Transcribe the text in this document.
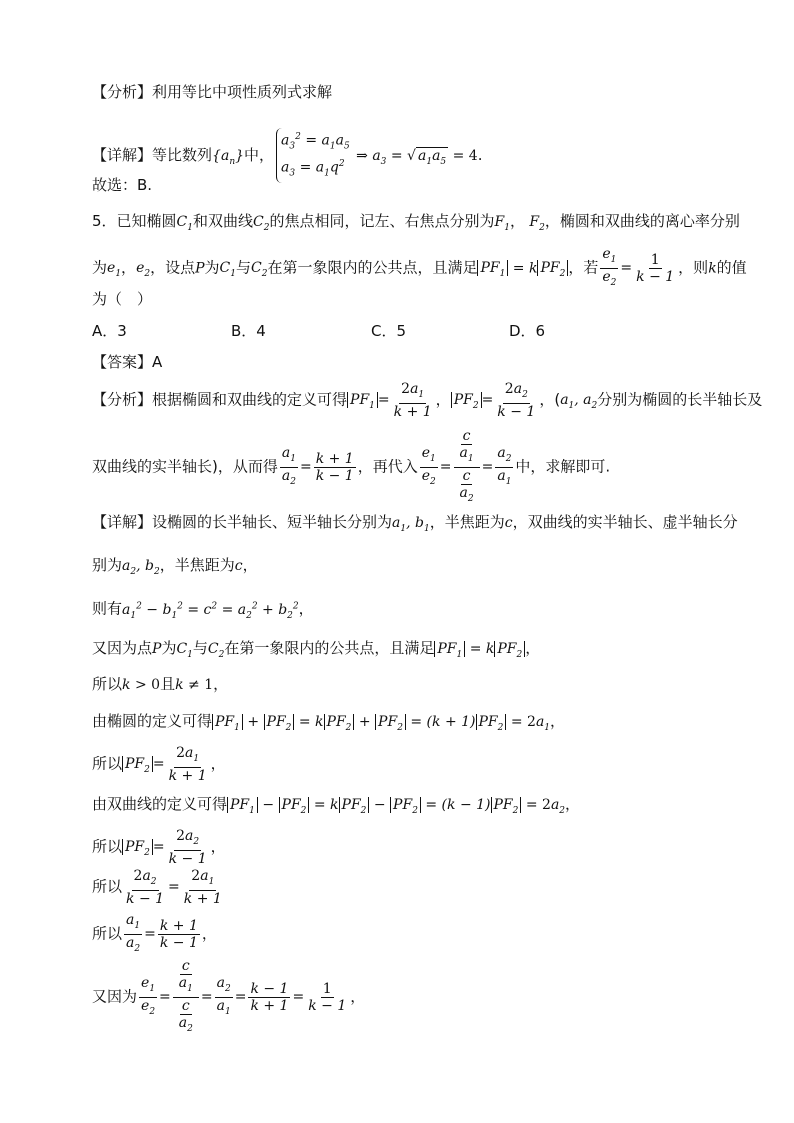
【分析】利用等比中项性质列式求解
【详解】等比数列$\{a_n\}$中，
$a_3^2 = a_1a_5$
$a_3 = a_1q^2$
⇒ $a_3$ = √ $a_1a_5 = 4$.
故选：B.
5．已知椭圆$C_1$和双曲线$C_2$的焦点相同，记左、右焦点分别为$F_1$， $F_2$，椭圆和双曲线的离心率分别
为$e_1$，$e_2$，设点P为$C_1$与$C_2$在第一象限内的公共点，且满足 $PF_1 = k$ $PF_2$ ，若 $\frac{e_1}{e_2} = \frac{1}{k - 1}$ ，则k的值
为（　）
A．3	B．4	C．5	D．6
【答案】A
【分析】根据椭圆和双曲线的定义可得 $PF_1 = \frac{2a_1}{k + 1}$ ， $PF_2 = \frac{2a_2}{k - 1}$ ，($a_1$, $a_2$分别为椭圆的长半轴长及
双曲线的实半轴长)，从而得 $\frac{a_1}{a_2} = \frac{k + 1}{k - 1}$ ，再代入 $\frac{e_1}{e_2} = \frac{\frac{c}{a_1}}{\frac{c}{a_2}} = \frac{a_2}{a_1}$ 中，求解即可.
【详解】设椭圆的长半轴长、短半轴长分别为$a_1$, $b_1$，半焦距为c，双曲线的实半轴长、虚半轴长分
别为$a_2$, $b_2$，半焦距为c，
则有$a_1^2 - b_1^2 = c^2 = a_2^2 + b_2^2$，
又因为点P为$C_1$与$C_2$在第一象限内的公共点，且满足 $PF_1 = k$ $PF_2$ ，
所以k > 0且k ≠ 1，
由椭圆的定义可得 $PF_1 + PF_2 = k$ $PF_2 + PF_2 = (k + 1) PF_2 = 2a_1$，
所以 $PF_2 = \frac{2a_1}{k + 1}$ ，
由双曲线的定义可得 $PF_1 - PF_2 = k$ $PF_2 - PF_2 = (k - 1) PF_2 = 2a_2$，
所以 $PF_2 = \frac{2a_2}{k - 1}$ ，
所以 $\frac{2a_2}{k - 1} = \frac{2a_1}{k + 1}$
所以 $\frac{a_1}{a_2} = \frac{k + 1}{k - 1}$ ，
又因为 $\frac{e_1}{e_2} = \frac{\frac{c}{a_1}}{\frac{c}{a_2}} = \frac{a_2}{a_1} = \frac{k - 1}{k + 1} = \frac{1}{k - 1}$ ，
